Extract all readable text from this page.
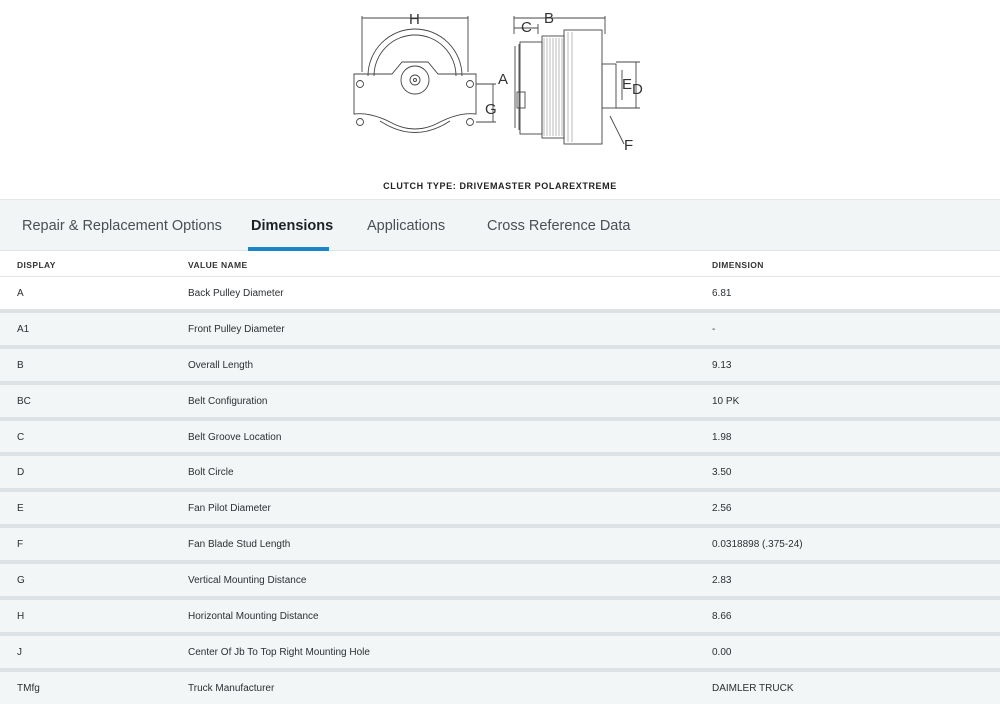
H	C
B
A
G
E D
F
CLUTCH TYPE: DRIVEMASTER POLAREXTREME
Repair & Replacement Options Dimensions Applications	Cross Reference Data
DISPLAY	VALUE NAME	DIMENSION
A	Back Pulley Diameter	6.81
A1	Front Pulley Diameter	-
B	Overall Length	9.13
BC	Belt Configuration	10 PK
C	Belt Groove Location	1.98
D	Bolt Circle	3.50
E	Fan Pilot Diameter	2.56
F	Fan Blade Stud Length	0.0318898 (.375-24)
G	Vertical Mounting Distance	2.83
H	Horizontal Mounting Distance	8.66
J	Center Of Jb To Top Right Mounting Hole	0.00
TMfg	Truck Manufacturer	DAIMLER TRUCK
